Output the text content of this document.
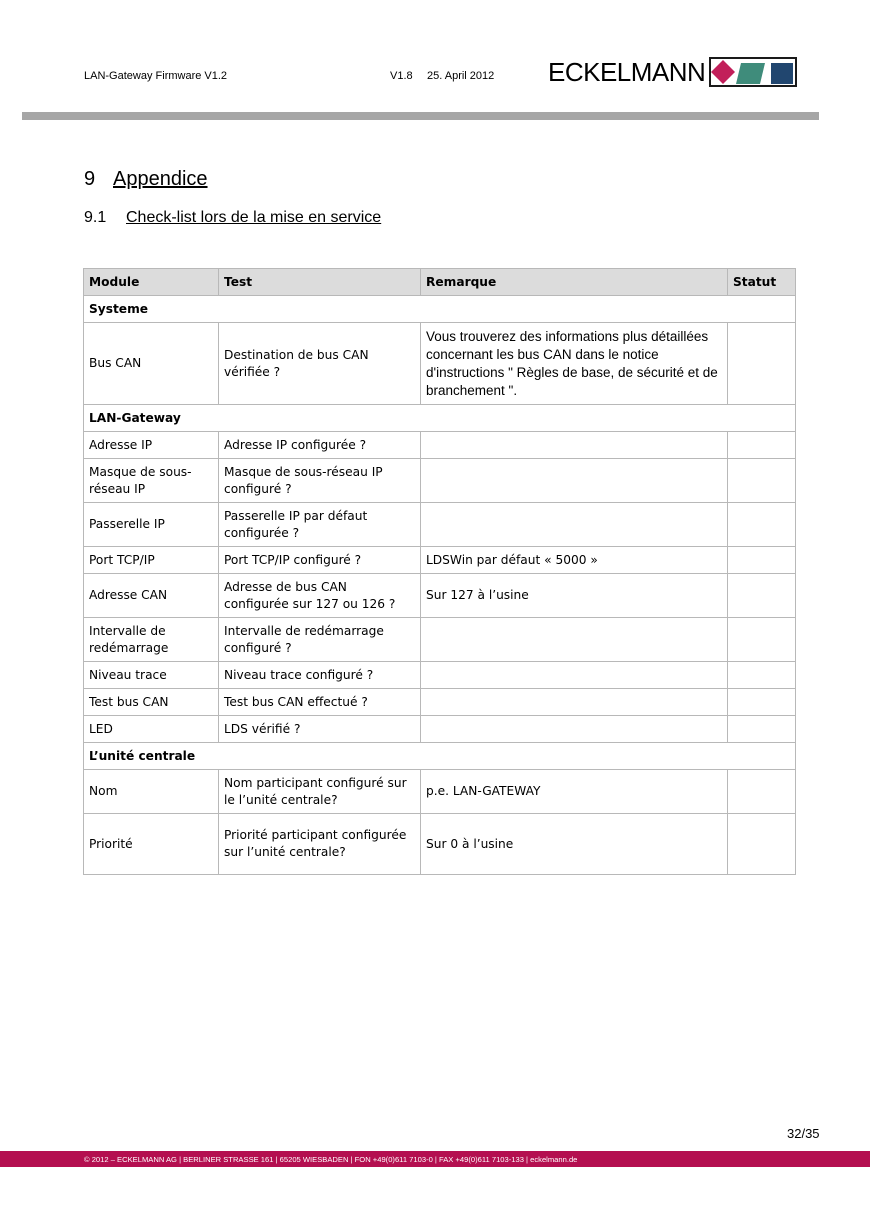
LAN-Gateway Firmware V1.2	V1.8 25. April 2012 ECKELMANN
9 Appendice
9.1 Check-list lors de la mise en service
Module	Test	Remarque	Statut
Systeme			
Bus CAN	Destination de bus CAN vérifiée ?	Vous trouverez des informations plus détaillées concernant les bus CAN dans le notice d'instructions " Règles de base, de sécurité et de branchement ".	
LAN-Gateway			
Adresse IP	Adresse IP configurée ?		
Masque de sous-réseau IP	Masque de sous-réseau IP configuré ?		
Passerelle IP	Passerelle IP par défaut configurée ?		
Port TCP/IP	Port TCP/IP configuré ?	LDSWin par défaut « 5000 »	
Adresse CAN	Adresse de bus CAN configurée sur 127 ou 126 ?	Sur 127 à l’usine	
Intervalle de redémarrage	Intervalle de redémarrage configuré ?		
Niveau trace	Niveau trace configuré ?		
Test bus CAN	Test bus CAN effectué ?		
LED	LDS vérifié ?		
L’unité centrale			
Nom	Nom participant configuré sur le l’unité centrale?	p.e. LAN-GATEWAY	
Priorité	Priorité participant configurée sur l’unité centrale?	Sur 0 à l’usine	
32/35
© 2012 – ECKELMANN AG | BERLINER STRASSE 161 | 65205 WIESBADEN | FON +49(0)611 7103-0 | FAX +49(0)611 7103-133 | eckelmann.de
